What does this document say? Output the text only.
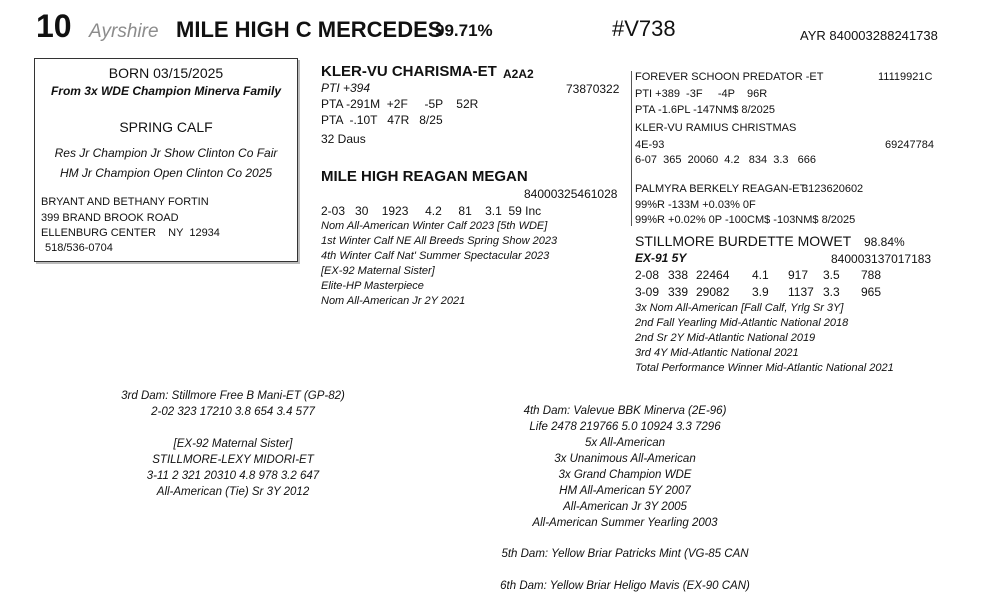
10 Ayrshire MILE HIGH C MERCEDES
99.71%	#V738	AYR 840003288241738
BORN 03/15/2025
From 3x WDE Champion Minerva Family
SPRING CALF
Res Jr Champion Jr Show Clinton Co Fair
HM Jr Champion Open Clinton Co 2025
BRYANT AND BETHANY FORTIN
399 BRAND BROOK ROAD
ELLENBURG CENTER    NY  12934
518/536-0704
KLER-VU CHARISMA-ET A2A2
73870322
PTI +394
PTA -291M  +2F     -5P    52R
PTA  -.10T   47R   8/25
32 Daus
MILE HIGH REAGAN MEGAN
84000325461028
2-03   30    1923     4.2     81    3.1  59 Inc
Nom All-American Winter Calf 2023 [5th WDE]
1st Winter Calf NE All Breeds Spring Show 2023
4th Winter Calf Nat' Summer Spectacular 2023
[EX-92 Maternal Sister]
Elite-HP Masterpiece
Nom All-American Jr 2Y 2021
FOREVER SCHOON PREDATOR -ET	11119921C
PTI +389  -3F     -4P    96R
PTA -1.6PL -147NM$ 8/2025
KLER-VU RAMIUS CHRISTMAS
4E-93	69247784
6-07  365  20060  4.2   834  3.3   666
PALMYRA BERKELY REAGAN-ET
3123620602
99%R -133M +0.03% 0F
99%R +0.02% 0P -100CM$ -103NM$ 8/2025
STILLMORE BURDETTE MOWET 98.84%
EX-91 5Y	840003137017183
2-08 338 22464 4.1 917 3.5 788
3-09 339 29082 3.9 1137 3.3 965
3x Nom All-American [Fall Calf, Yrlg Sr 3Y]
2nd Fall Yearling Mid-Atlantic National 2018
2nd Sr 2Y Mid-Atlantic National 2019
3rd 4Y Mid-Atlantic National 2021
Total Performance Winner Mid-Atlantic National 2021
3rd Dam: Stillmore Free B Mani-ET (GP-82)
2-02 323 17210 3.8 654 3.4 577
[EX-92 Maternal Sister]
STILLMORE-LEXY MIDORI-ET
3-11 2 321 20310 4.8 978 3.2 647
All-American (Tie) Sr 3Y 2012
4th Dam: Valevue BBK Minerva (2E-96)
Life 2478 219766 5.0 10924 3.3 7296
5x All-American
3x Unanimous All-American
3x Grand Champion WDE
HM All-American 5Y 2007
All-American Jr 3Y 2005
All-American Summer Yearling 2003
5th Dam: Yellow Briar Patricks Mint (VG-85 CAN
6th Dam: Yellow Briar Heligo Mavis (EX-90 CAN)
